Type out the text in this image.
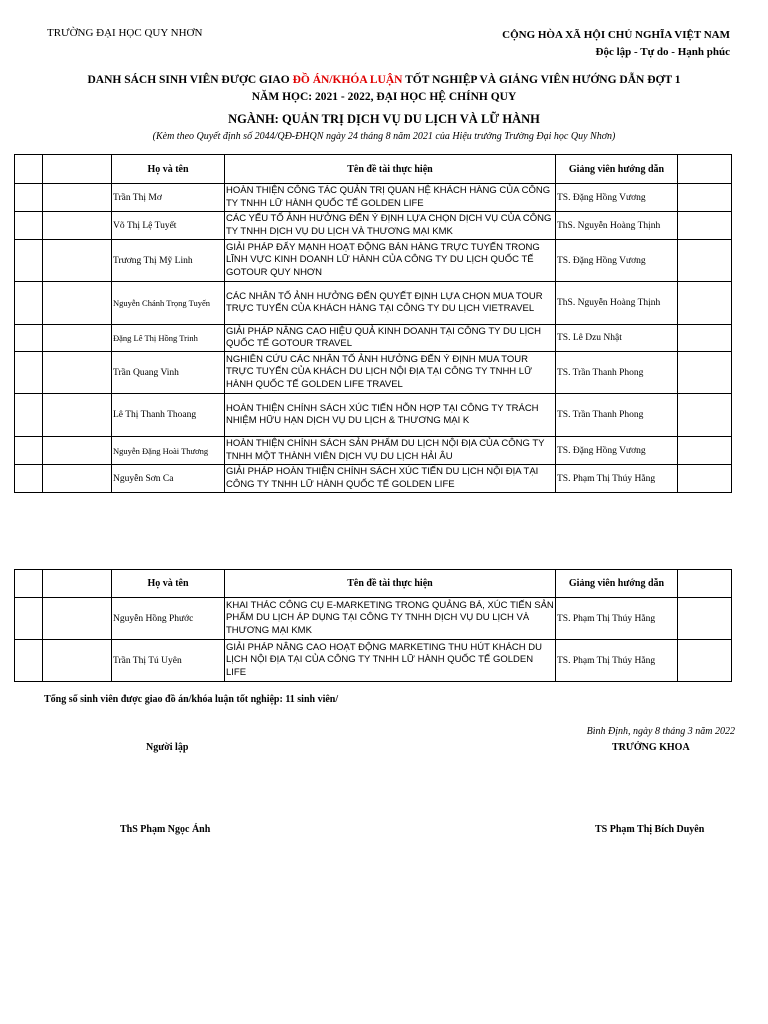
TRƯỜNG ĐẠI HỌC QUY NHƠN	CỘNG HÒA XÃ HỘI CHỦ NGHĨA VIỆT NAM
Độc lập - Tự do - Hạnh phúc
DANH SÁCH SINH VIÊN ĐƯỢC GIAO ĐỒ ÁN/KHÓA LUẬN TỐT NGHIỆP VÀ GIẢNG VIÊN HƯỚNG DẪN ĐỢT 1
NĂM HỌC: 2021 - 2022, ĐẠI HỌC HỆ CHÍNH QUY
NGÀNH: QUẢN TRỊ DỊCH VỤ DU LỊCH VÀ LỮ HÀNH
(Kèm theo Quyết định số 2044/QĐ-ĐHQN ngày 24 tháng 8 năm 2021 của Hiệu trưởng Trường Đại học Quy Nhơn)
		Họ và tên	Tên đề tài thực hiện	Giảng viên hướng dẫn	
		Trần Thị Mơ	HOÀN THIỆN CÔNG TÁC QUẢN TRỊ QUAN HỆ KHÁCH HÀNG CỦA CÔNG TY TNHH LỮ HÀNH QUỐC TẾ GOLDEN LIFE	TS. Đặng Hồng Vương	
		Võ Thị Lệ Tuyết	CÁC YẾU TỐ ẢNH HƯỞNG ĐẾN Ý ĐỊNH LỰA CHỌN DỊCH VỤ CỦA CÔNG TY TNHH DỊCH VỤ DU LỊCH VÀ THƯƠNG MẠI KMK	ThS. Nguyễn Hoàng Thịnh	
		Trương Thị Mỹ Linh	GIẢI PHÁP ĐẨY MẠNH HOẠT ĐỘNG BÁN HÀNG TRỰC TUYẾN TRONG LĨNH VỰC KINH DOANH LỮ HÀNH CỦA CÔNG TY DU LỊCH QUỐC TẾ GOTOUR QUY NHƠN	TS. Đặng Hồng Vương	
		Nguyễn Chánh Trọng Tuyến	CÁC NHÂN TỐ ẢNH HƯỞNG ĐẾN QUYẾT ĐỊNH LỰA CHỌN MUA TOUR TRỰC TUYẾN CỦA KHÁCH HÀNG TẠI CÔNG TY DU LỊCH VIETRAVEL	ThS. Nguyễn Hoàng Thịnh	
		Đặng Lê Thị Hồng Trinh	GIẢI PHÁP NÂNG CAO HIỆU QUẢ KINH DOANH TẠI CÔNG TY DU LỊCH QUỐC TẾ GOTOUR TRAVEL	TS. Lê Dzu Nhật	
		Trần Quang Vinh	NGHIÊN CỨU CÁC NHÂN TỐ ẢNH HƯỞNG ĐẾN Ý ĐỊNH MUA TOUR TRỰC TUYẾN CỦA KHÁCH DU LỊCH NỘI ĐỊA TẠI CÔNG TY TNHH LỮ HÀNH QUỐC TẾ GOLDEN LIFE TRAVEL	TS. Trần Thanh Phong	
		Lê Thị Thanh Thoang	HOÀN THIỆN CHÍNH SÁCH XÚC TIẾN HỖN HỢP TẠI CÔNG TY TRÁCH NHIỆM HỮU HẠN DỊCH VỤ DU LỊCH & THƯƠNG MẠI K	TS. Trần Thanh Phong	
		Nguyễn Đặng Hoài Thương	HOÀN THIỆN CHÍNH SÁCH SẢN PHẨM DU LỊCH NỘI ĐỊA CỦA CÔNG TY TNHH MỘT THÀNH VIÊN DỊCH VỤ DU LỊCH HẢI ÂU	TS. Đặng Hồng Vương	
		Nguyễn Sơn Ca	GIẢI PHÁP HOÀN THIỆN CHÍNH SÁCH XÚC TIẾN DU LỊCH NỘI ĐỊA TẠI CÔNG TY TNHH LỮ HÀNH QUỐC TẾ GOLDEN LIFE	TS. Phạm Thị Thúy Hằng	
		Họ và tên	Tên đề tài thực hiện	Giảng viên hướng dẫn	
		Nguyễn Hồng Phước	KHAI THÁC CÔNG CỤ E-MARKETING TRONG QUẢNG BÁ, XÚC TIẾN SẢN PHẨM DU LỊCH ÁP DỤNG TẠI CÔNG TY TNHH DỊCH VỤ DU LỊCH VÀ THƯƠNG MẠI KMK	TS. Phạm Thị Thúy Hằng	
		Trần Thị Tú Uyên	GIẢI PHÁP NÂNG CAO HOẠT ĐỘNG MARKETING THU HÚT KHÁCH DU LỊCH NỘI ĐỊA TẠI CỦA CÔNG TY TNHH LỮ HÀNH QUỐC TẾ GOLDEN LIFE	TS. Phạm Thị Thúy Hằng	
Tổng số sinh viên được giao đồ án/khóa luận tốt nghiệp: 11 sinh viên/
Bình Định, ngày 8 tháng 3 năm 2022
Người lập	TRƯỞNG KHOA
ThS Phạm Ngọc Ánh	TS Phạm Thị Bích Duyên
